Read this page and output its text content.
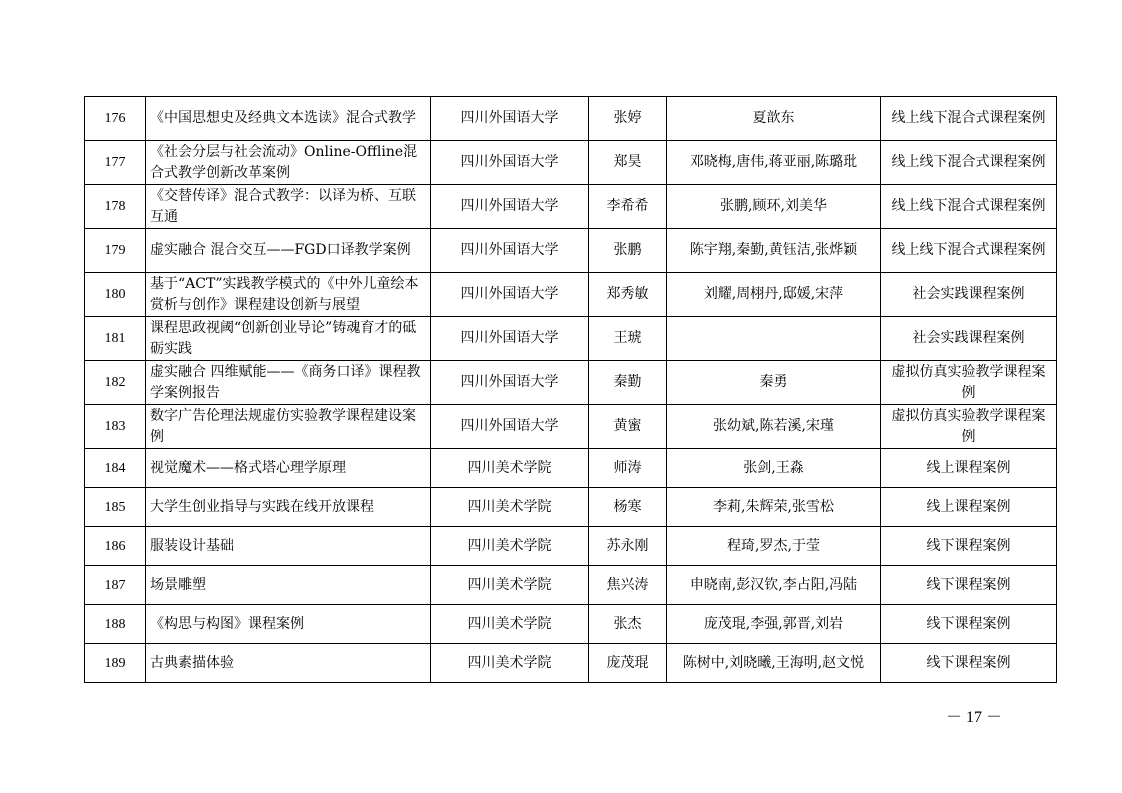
176	《中国思想史及经典文本选读》混合式教学	四川外国语大学	张婷	夏歆东	线上线下混合式课程案例
177	《社会分层与社会流动》Online-Offline混合式教学创新改革案例	四川外国语大学	郑昊	邓晓梅,唐伟,蒋亚丽,陈璐玭	线上线下混合式课程案例
178	《交替传译》混合式教学：以译为桥、互联互通	四川外国语大学	李希希	张鹏,顾环,刘美华	线上线下混合式课程案例
179	虚实融合 混合交互——FGD口译教学案例	四川外国语大学	张鹏	陈宇翔,秦勤,黄钰洁,张烨颖	线上线下混合式课程案例
180	基于“ACT”实践教学模式的《中外儿童绘本赏析与创作》课程建设创新与展望	四川外国语大学	郑秀敏	刘耀,周栩丹,邸媛,宋萍	社会实践课程案例
181	课程思政视阈“创新创业导论”铸魂育才的砥砺实践	四川外国语大学	王琥		社会实践课程案例
182	虚实融合 四维赋能——《商务口译》课程教学案例报告	四川外国语大学	秦勤	秦勇	虚拟仿真实验教学课程案例
183	数字广告伦理法规虚仿实验教学课程建设案例	四川外国语大学	黄蜜	张幼斌,陈若溪,宋瑾	虚拟仿真实验教学课程案例
184	视觉魔术——格式塔心理学原理	四川美术学院	师涛	张剑,王淼	线上课程案例
185	大学生创业指导与实践在线开放课程	四川美术学院	杨寒	李莉,朱辉荣,张雪松	线上课程案例
186	服装设计基础	四川美术学院	苏永刚	程琦,罗杰,于莹	线下课程案例
187	场景雕塑	四川美术学院	焦兴涛	申晓南,彭汉钦,李占阳,冯陆	线下课程案例
188	《构思与构图》课程案例	四川美术学院	张杰	庞茂琨,李强,郭晋,刘岩	线下课程案例
189	古典素描体验	四川美术学院	庞茂琨	陈树中,刘晓曦,王海明,赵文悦	线下课程案例
－ 17 －
